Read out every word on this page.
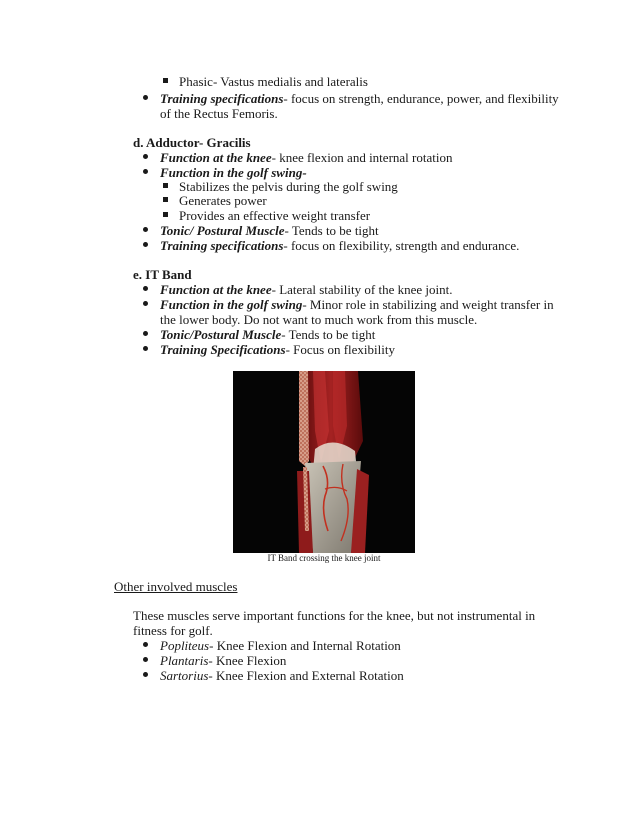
Phasic- Vastus medialis and lateralis
Training specifications- focus on strength, endurance, power, and flexibility
of the Rectus Femoris.
d. Adductor- Gracilis
Function at the knee- knee flexion and internal rotation
Function in the golf swing-
Stabilizes the pelvis during the golf swing
Generates power
Provides an effective weight transfer
Tonic/ Postural Muscle- Tends to be tight
Training specifications- focus on flexibility, strength and endurance.
e. IT Band
Function at the knee- Lateral stability of the knee joint.
Function in the golf swing- Minor role in stabilizing and weight transfer in
the lower body. Do not want to much work from this muscle.
Tonic/Postural Muscle- Tends to be tight
Training Specifications- Focus on flexibility
IT Band crossing the knee joint
Other involved muscles
These muscles serve important functions for the knee, but not instrumental in
fitness for golf.
Popliteus- Knee Flexion and Internal Rotation
Plantaris- Knee Flexion
Sartorius- Knee Flexion and External Rotation
